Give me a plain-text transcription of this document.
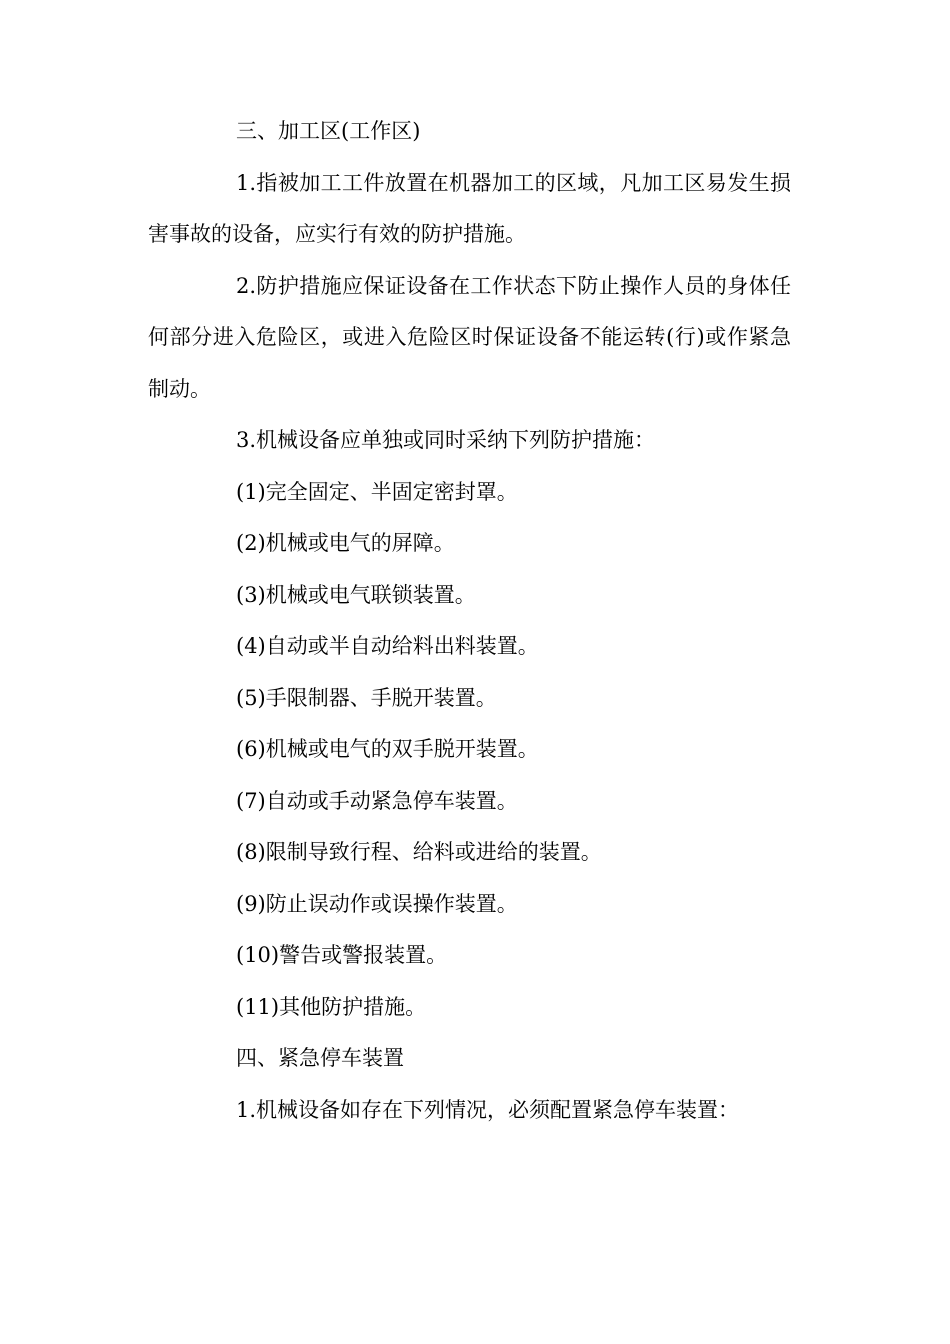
三、加工区(工作区)

1.指被加工工件放置在机器加工的区域，凡加工区易发生损害事故的设备，应实行有效的防护措施。

2.防护措施应保证设备在工作状态下防止操作人员的身体任何部分进入危险区，或进入危险区时保证设备不能运转(行)或作紧急制动。

3.机械设备应单独或同时采纳下列防护措施：

(1)完全固定、半固定密封罩。

(2)机械或电气的屏障。

(3)机械或电气联锁装置。

(4)自动或半自动给料出料装置。

(5)手限制器、手脱开装置。

(6)机械或电气的双手脱开装置。

(7)自动或手动紧急停车装置。

(8)限制导致行程、给料或进给的装置。

(9)防止误动作或误操作装置。

(10)警告或警报装置。

(11)其他防护措施。

四、紧急停车装置

1.机械设备如存在下列情况，必须配置紧急停车装置：
